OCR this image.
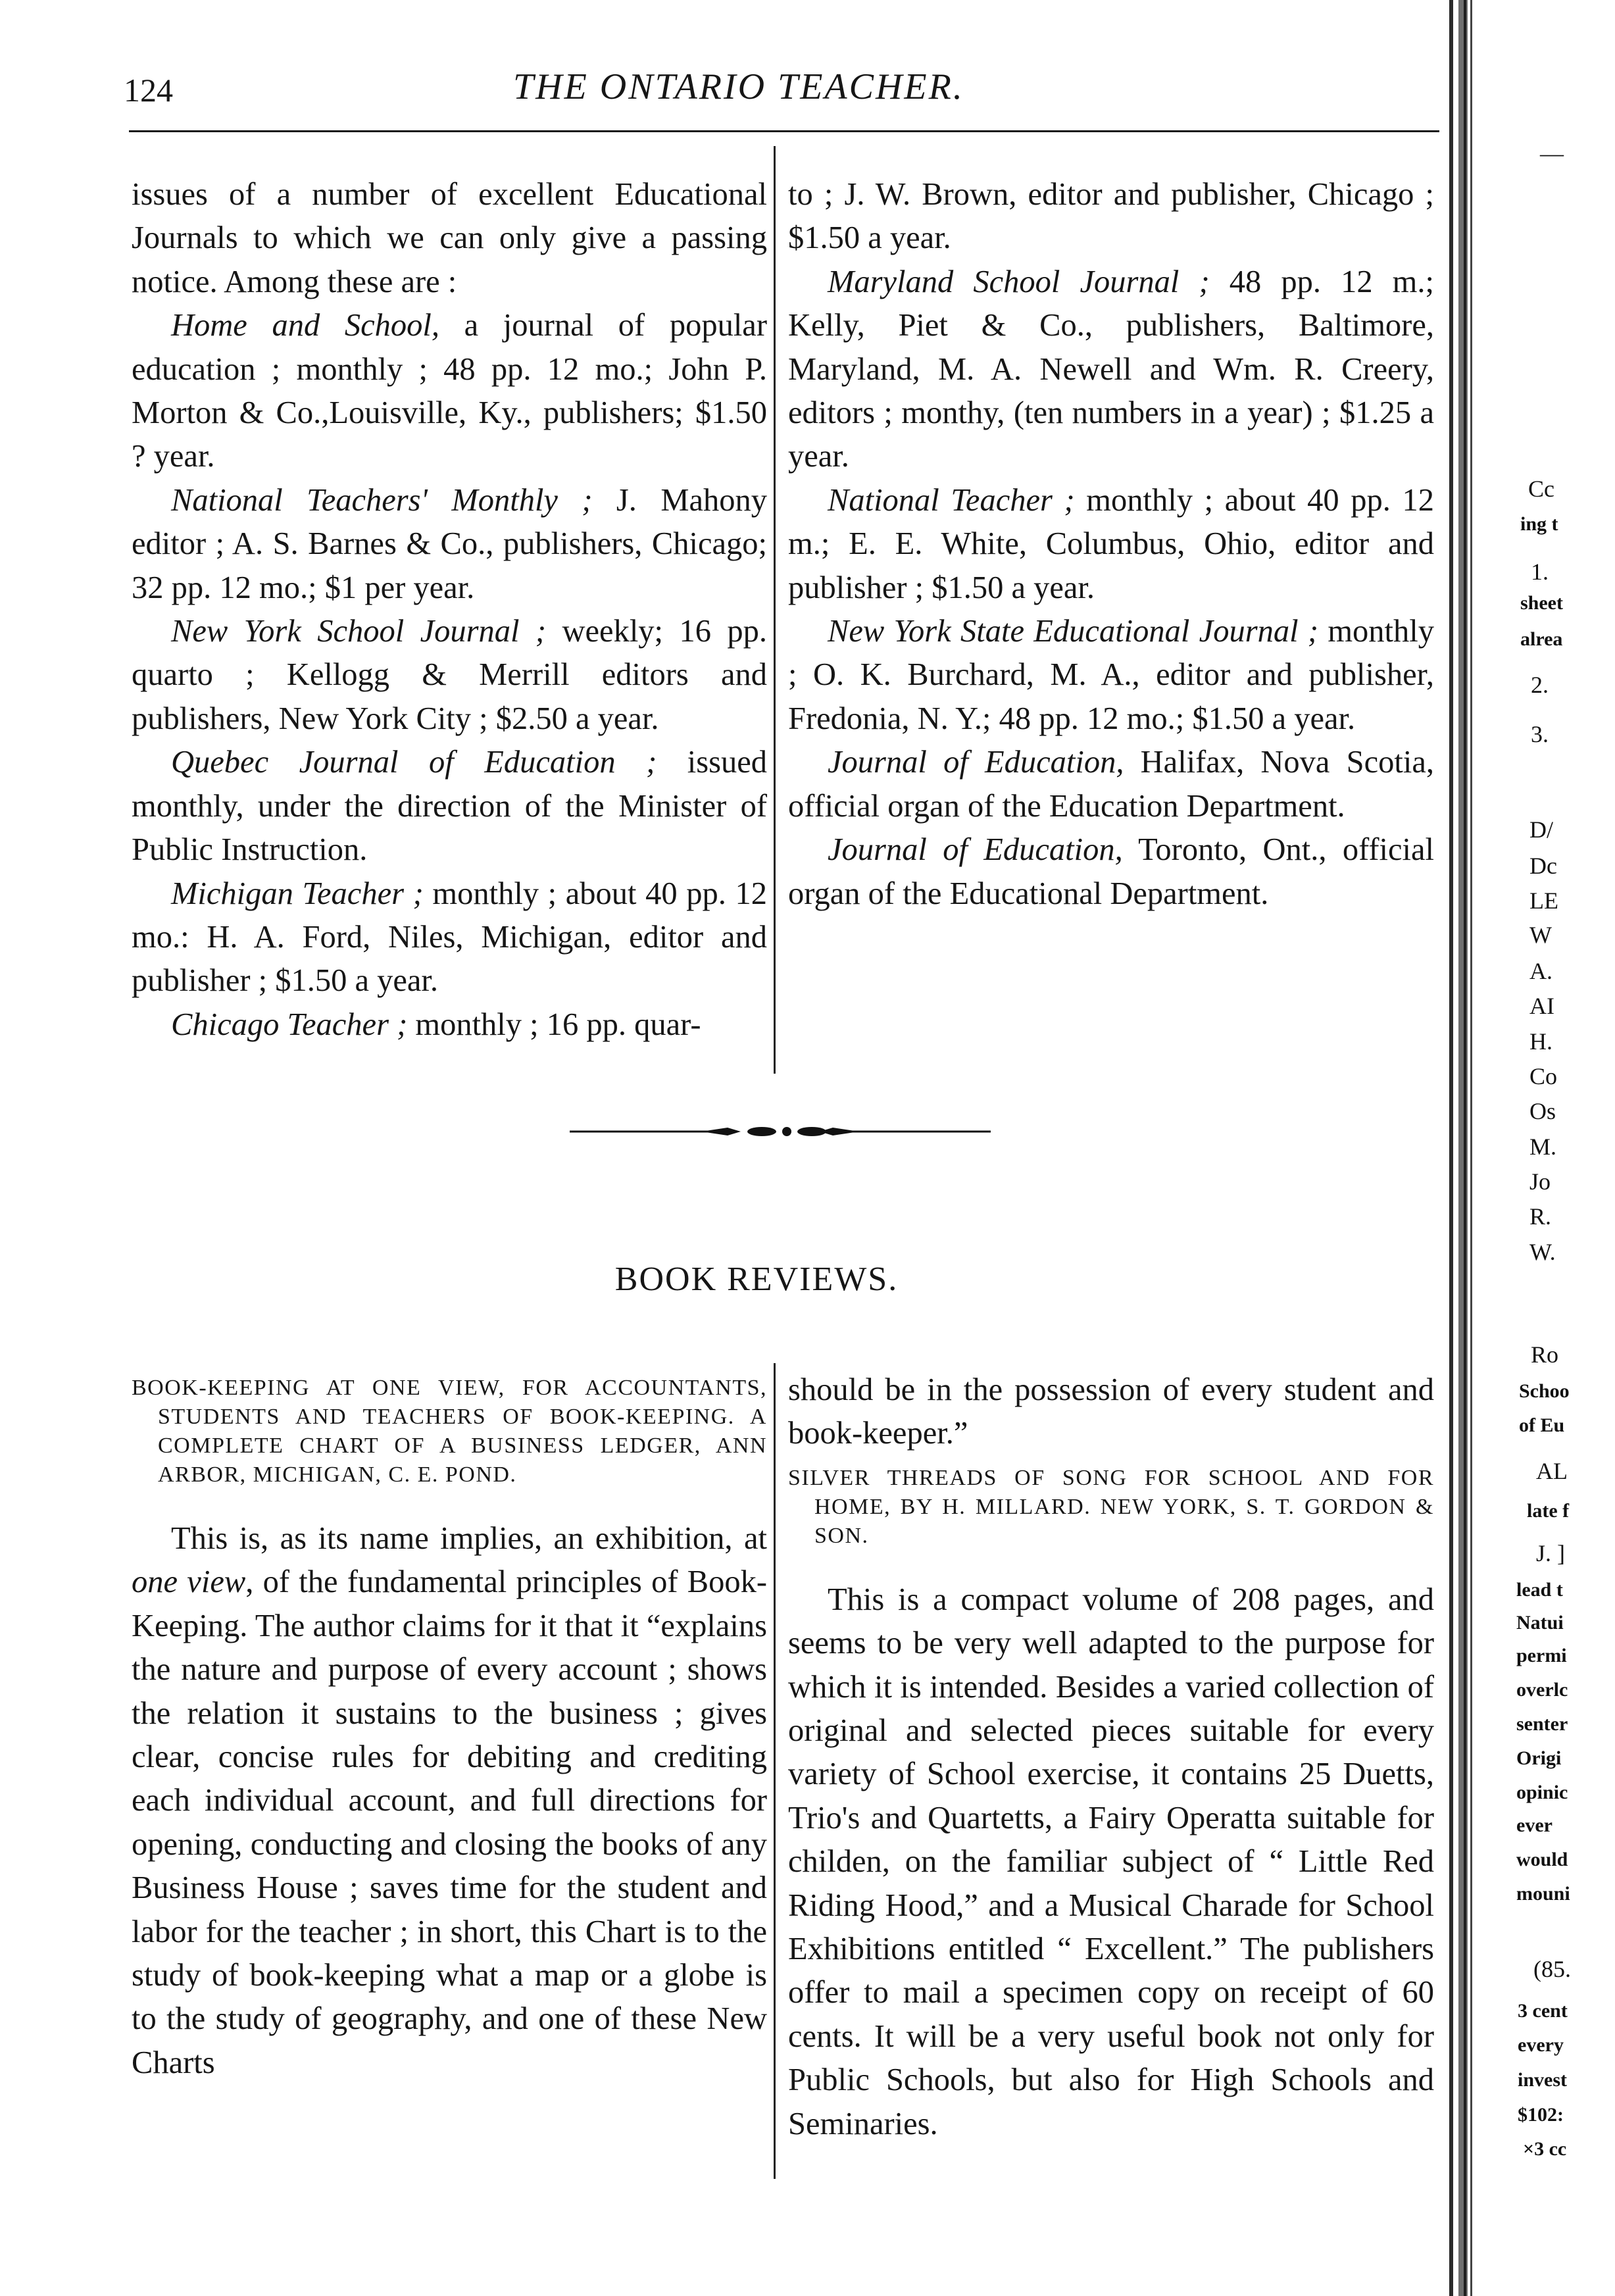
124	THE ONTARIO TEACHER.

issues of a number of excellent Educational Journals to which we can only give a passing notice. Among these are :

Home and School, a journal of popular education ; monthly ; 48 pp. 12 mo.; John P. Morton & Co.,Louisville, Ky., publishers; $1.50 ? year.

National Teachers' Monthly ; J. Mahony editor ; A. S. Barnes & Co., publishers, Chicago; 32 pp. 12 mo.; $1 per year.

New York School Journal ; weekly; 16 pp. quarto ; Kellogg & Merrill editors and publishers, New York City ; $2.50 a year.

Quebec Journal of Education ; issued monthly, under the direction of the Minister of Public Instruction.

Michigan Teacher ; monthly ; about 40 pp. 12 mo.: H. A. Ford, Niles, Michigan, editor and publisher ; $1.50 a year.

Chicago Teacher ; monthly ; 16 pp. quar-

to ; J. W. Brown, editor and publisher, Chicago ; $1.50 a year.

Maryland School Journal ; 48 pp. 12 m.; Kelly, Piet & Co., publishers, Baltimore, Maryland, M. A. Newell and Wm. R. Creery, editors ; monthy, (ten numbers in a year) ; $1.25 a year.

National Teacher ; monthly ; about 40 pp. 12 m.; E. E. White, Columbus, Ohio, editor and publisher ; $1.50 a year.

New York State Educational Journal ; monthly ; O. K. Burchard, M. A., editor and publisher, Fredonia, N. Y.; 48 pp. 12 mo.; $1.50 a year.

Journal of Education, Halifax, Nova Scotia, official organ of the Education Department.

Journal of Education, Toronto, Ont., official organ of the Educational Department.

BOOK REVIEWS.

BOOK-KEEPING AT ONE VIEW, FOR ACCOUNTANTS, STUDENTS AND TEACHERS OF BOOK-KEEPING. A COMPLETE CHART OF A BUSINESS LEDGER, ANN ARBOR, MICHIGAN, C. E. POND.

This is, as its name implies, an exhibition, at one view, of the fundamental principles of Book-Keeping. The author claims for it that it “explains the nature and purpose of every account ; shows the relation it sustains to the business ; gives clear, concise rules for debiting and crediting each individual account, and full directions for opening, conducting and closing the books of any Business House ; saves time for the student and labor for the teacher ; in short, this Chart is to the study of book-keeping what a map or a globe is to the study of geography, and one of these New Charts

should be in the possession of every student and book-keeper.”

SILVER THREADS OF SONG FOR SCHOOL AND FOR HOME, BY H. MILLARD. NEW YORK, S. T. GORDON & SON.

This is a compact volume of 208 pages, and seems to be very well adapted to the purpose for which it is intended. Besides a varied collection of original and selected pieces suitable for every variety of School exercise, it contains 25 Duetts, Trio's and Quartetts, a Fairy Operatta suitable for childen, on the familiar subject of “ Little Red Riding Hood,” and a Musical Charade for School Exhibitions entitled “ Excellent.” The publishers offer to mail a specimen copy on receipt of 60 cents. It will be a very useful book not only for Public Schools, but also for High Schools and Seminaries.

—
Cc
ing t
1.
sheet
alrea
2.
3.
D/
Dc
LE
W
A.
AI
H.
Co
Os
M.
Jo
R.
W.
Ro
Schoo
of Eu
AL
late f
J. ]
lead t
Natui
permi
overlc
senter
Origi
opinic
ever
would
mouni
(85.
3 cent
every
invest
$102:
×3 cc
